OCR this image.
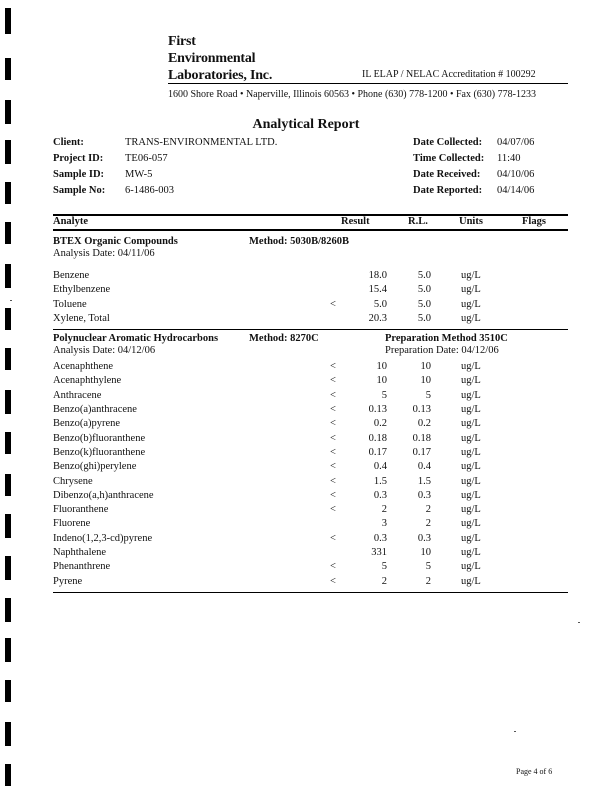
First
Environmental
Laboratories, Inc.	IL ELAP / NELAC Accreditation # 100292
1600 Shore Road • Naperville, Illinois 60563 • Phone (630) 778-1200 • Fax (630) 778-1233
Analytical Report
Client:	TRANS-ENVIRONMENTAL LTD.
Project ID: TE06-057
Sample ID: MW-5
Sample No: 6-1486-003
Date Collected: 04/07/06
Time Collected: 11:40
Date Received: 04/10/06
Date Reported: 04/14/06
Analyte	Result	R.L.	Units	Flags
BTEX Organic Compounds	Method: 5030B/8260B
Analysis Date: 04/11/06
Benzene	18.0	5.0	ug/L
Ethylbenzene	15.4	5.0	ug/L
Toluene	<	5.0	5.0	ug/L
Xylene, Total	20.3	5.0	ug/L
Polynuclear Aromatic Hydrocarbons	Method: 8270C	Preparation Method 3510C
Analysis Date: 04/12/06	Preparation Date: 04/12/06
Acenaphthene	<	10	10	ug/L
Acenaphthylene	<	10	10	ug/L
Anthracene	<	5	5	ug/L
Benzo(a)anthracene	<	0.13	0.13	ug/L
Benzo(a)pyrene	<	0.2	0.2	ug/L
Benzo(b)fluoranthene	<	0.18	0.18	ug/L
Benzo(k)fluoranthene	<	0.17	0.17	ug/L
Benzo(ghi)perylene	<	0.4	0.4	ug/L
Chrysene	<	1.5	1.5	ug/L
Dibenzo(a,h)anthracene	<	0.3	0.3	ug/L
Fluoranthene	<	2	2	ug/L
Fluorene	3	2	ug/L
Indeno(1,2,3-cd)pyrene	<	0.3	0.3	ug/L
Naphthalene	331	10	ug/L
Phenanthrene	<	5	5	ug/L
Pyrene	<	2	2	ug/L
Page 4 of 6
